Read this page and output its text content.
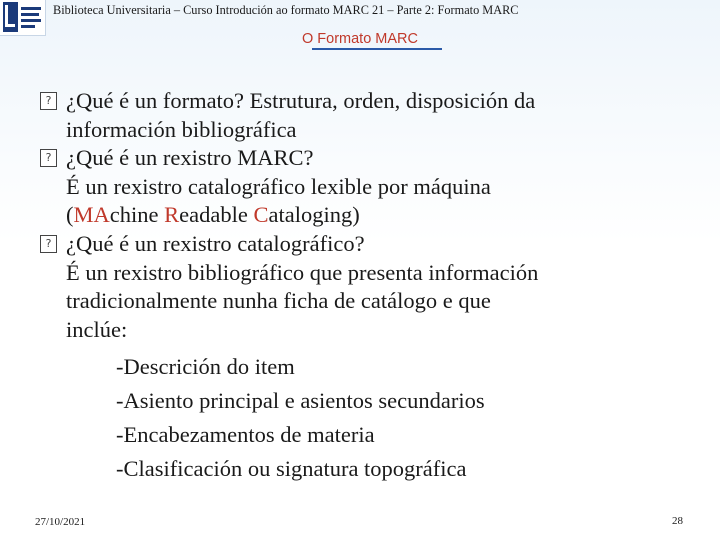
Biblioteca Universitaria – Curso Introdución ao formato MARC 21 – Parte 2: Formato MARC
O Formato MARC
? ¿Qué é un formato? Estrutura, orden, disposición da
información bibliográfica
? ¿Qué é un rexistro MARC?
É un rexistro catalográfico lexible por máquina
(MAchine Readable Cataloging)
? ¿Qué é un rexistro catalográfico?
É un rexistro bibliográfico que presenta información
tradicionalmente nunha ficha de catálogo e que
inclúe:
-Descrición do item
-Asiento principal e asientos secundarios
-Encabezamentos de materia
-Clasificación ou signatura topográfica
27/10/2021	28
